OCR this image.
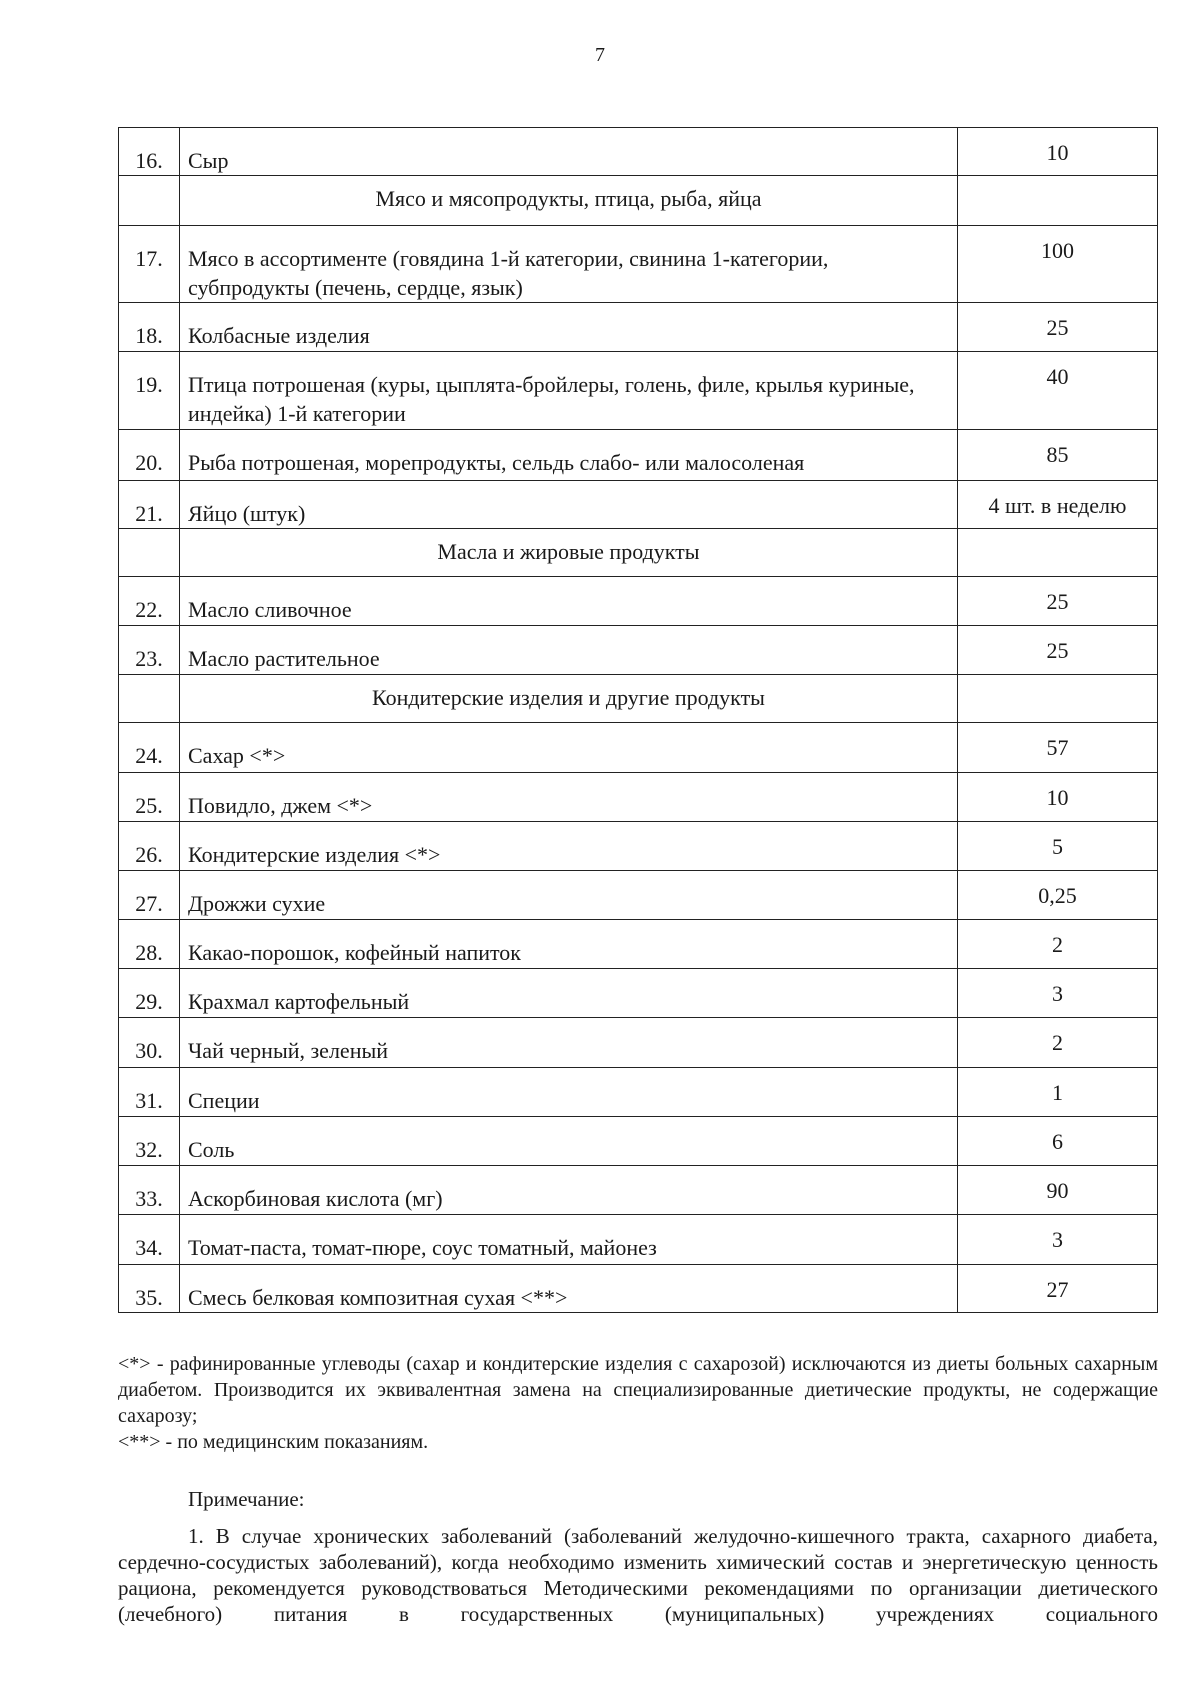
7
16.	Сыр	10
	Мясо и мясопродукты, птица, рыба, яйца	
17.	Мясо в ассортименте (говядина 1-й категории, свинина 1-категории, субпродукты (печень, сердце, язык)	100
18.	Колбасные изделия	25
19.	Птица потрошеная (куры, цыплята-бройлеры, голень, филе, крылья куриные, индейка) 1-й категории	40
20.	Рыба потрошеная, морепродукты, сельдь слабо- или малосоленая	85
21.	Яйцо (штук)	4 шт. в неделю
	Масла и жировые продукты	
22.	Масло сливочное	25
23.	Масло растительное	25
	Кондитерские изделия и другие продукты	
24.	Сахар <*>	57
25.	Повидло, джем <*>	10
26.	Кондитерские изделия <*>	5
27.	Дрожжи сухие	0,25
28.	Какао-порошок, кофейный напиток	2
29.	Крахмал картофельный	3
30.	Чай черный, зеленый	2
31.	Специи	1
32.	Соль	6
33.	Аскорбиновая кислота (мг)	90
34.	Томат-паста, томат-пюре, соус томатный, майонез	3
35.	Смесь белковая композитная сухая <**>	27

<*> - рафинированные углеводы (сахар и кондитерские изделия с сахарозой) исключаются из диеты больных сахарным диабетом. Производится их эквивалентная замена на специализированные диетические продукты, не содержащие сахарозу;

<**> - по медицинским показаниям.

Примечание:
1. В случае хронических заболеваний (заболеваний желудочно-кишечного тракта, сахарного диабета, сердечно-сосудистых заболеваний), когда необходимо изменить химический состав и энергетическую ценность рациона, рекомендуется руководствоваться Методическими рекомендациями по организации диетического (лечебного) питания в государственных (муниципальных) учреждениях социального
